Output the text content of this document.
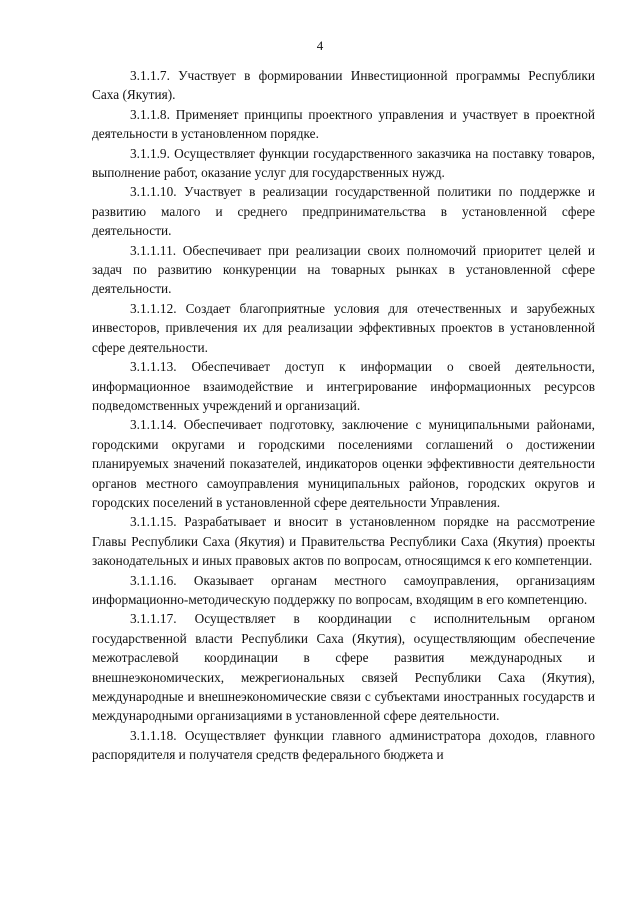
4

3.1.1.7. Участвует в формировании Инвестиционной программы Республики Саха (Якутия).

3.1.1.8. Применяет принципы проектного управления и участвует в проектной деятельности в установленном порядке.

3.1.1.9. Осуществляет функции государственного заказчика на поставку товаров, выполнение работ, оказание услуг для государственных нужд.

3.1.1.10. Участвует в реализации государственной политики по поддержке и развитию малого и среднего предпринимательства в установленной сфере деятельности.

3.1.1.11. Обеспечивает при реализации своих полномочий приоритет целей и задач по развитию конкуренции на товарных рынках в установленной сфере деятельности.

3.1.1.12. Создает благоприятные условия для отечественных и зарубежных инвесторов, привлечения их для реализации эффективных проектов в установленной сфере деятельности.

3.1.1.13. Обеспечивает доступ к информации о своей деятельности, информационное взаимодействие и интегрирование информационных ресурсов подведомственных учреждений и организаций.

3.1.1.14. Обеспечивает подготовку, заключение с муниципальными районами, городскими округами и городскими поселениями соглашений о достижении планируемых значений показателей, индикаторов оценки эффективности деятельности органов местного самоуправления муниципальных районов, городских округов и городских поселений в установленной сфере деятельности Управления.

3.1.1.15. Разрабатывает и вносит в установленном порядке на рассмотрение Главы Республики Саха (Якутия) и Правительства Республики Саха (Якутия) проекты законодательных и иных правовых актов по вопросам, относящимся к его компетенции.

3.1.1.16. Оказывает органам местного самоуправления, организациям информационно-методическую поддержку по вопросам, входящим в его компетенцию.

3.1.1.17. Осуществляет в координации с исполнительным органом государственной власти Республики Саха (Якутия), осуществляющим обеспечение межотраслевой координации в сфере развития международных и внешнеэкономических, межрегиональных связей Республики Саха (Якутия), международные и внешнеэкономические связи с субъектами иностранных государств и международными организациями в установленной сфере деятельности.

3.1.1.18. Осуществляет функции главного администратора доходов, главного распорядителя и получателя средств федерального бюджета и
